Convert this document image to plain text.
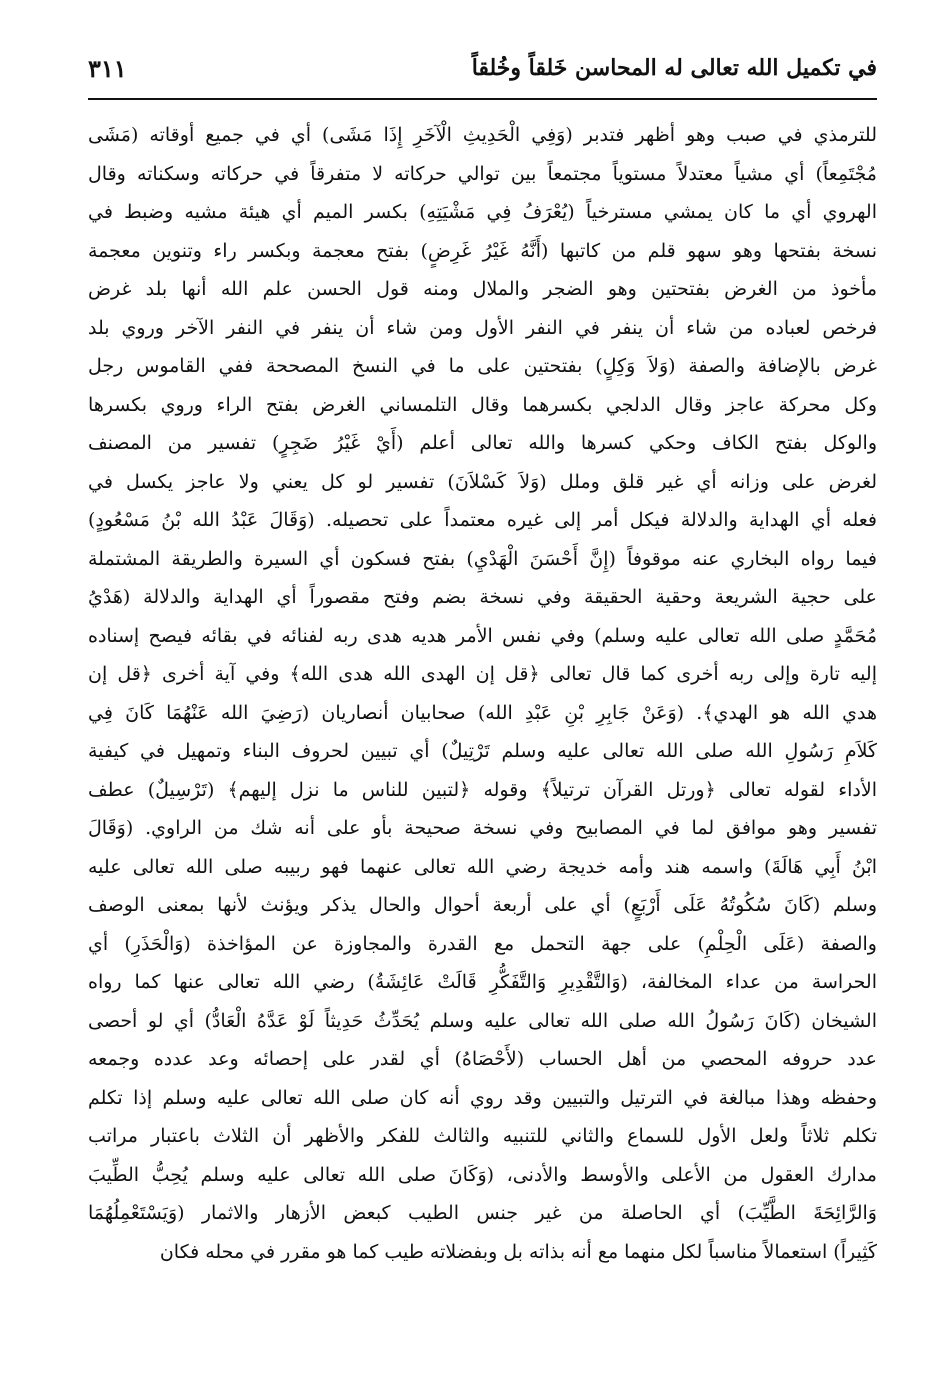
في تكميل الله تعالى له المحاسن خَلقاً وخُلقاً
٣١١
للترمذي في صبب وهو أظهر فتدبر (وَفِي الْحَدِيثِ الْآخَرِ إِذَا مَشَى) أي في جميع أوقاته (مَشَى
مُجْتَمِعاً) أي مشياً معتدلاً مستوياً مجتمعاً بين توالي حركاته لا متفرقاً في حركاته وسكناته وقال
الهروي أي ما كان يمشي مسترخياً (يُعْرَفُ فِي مَشْيَتِهِ) بكسر الميم أي هيئة مشيه وضبط في
نسخة بفتحها وهو سهو قلم من كاتبها (أَنَّهُ غَيْرُ غَرِضٍ) بفتح معجمة وبكسر راء وتنوين معجمة
مأخوذ من الغرض بفتحتين وهو الضجر والملال ومنه قول الحسن علم الله أنها بلد غرض
فرخص لعباده من شاء أن ينفر في النفر الأول ومن شاء أن ينفر في النفر الآخر وروي بلد
غرض بالإضافة والصفة (وَلاَ وَكِلٍ) بفتحتين على ما في النسخ المصححة ففي القاموس رجل
وكل محركة عاجز وقال الدلجي بكسرهما وقال التلمساني الغرض بفتح الراء وروي بكسرها
والوكل بفتح الكاف وحكي كسرها والله تعالى أعلم (أَيْ غَيْرُ ضَجِرٍ) تفسير من المصنف
لغرض على وزانه أي غير قلق وملل (وَلاَ كَسْلاَنَ) تفسير لو كل يعني ولا عاجز يكسل في
فعله أي الهداية والدلالة فيكل أمر إلى غيره معتمداً على تحصيله. (وَقَالَ عَبْدُ الله بْنُ مَسْعُودٍ)
فيما رواه البخاري عنه موقوفاً (إِنَّ أَحْسَنَ الْهَدْيِ) بفتح فسكون أي السيرة والطريقة المشتملة
على حجية الشريعة وحقية الحقيقة وفي نسخة بضم وفتح مقصوراً أي الهداية والدلالة (هَدْيُ
مُحَمَّدٍ صلى الله تعالى عليه وسلم) وفي نفس الأمر هديه هدى ربه لفنائه في بقائه فيصح إسناده
إليه تارة وإلى ربه أخرى كما قال تعالى ﴿قل إن الهدى الله هدى الله﴾ وفي آية أخرى ﴿قل إن
هدي الله هو الهدي﴾. (وَعَنْ جَابِرِ بْنِ عَبْدِ الله) صحابيان أنصاريان (رَضِيَ الله عَنْهُمَا كَانَ فِي
كَلاَمِ رَسُولِ الله صلى الله تعالى عليه وسلم تَرْتِيلٌ) أي تبيين لحروف البناء وتمهيل في كيفية
الأداء لقوله تعالى ﴿ورتل القرآن ترتيلاً﴾ وقوله ﴿لتبين للناس ما نزل إليهم﴾ (تَرْسِيلٌ) عطف
تفسير وهو موافق لما في المصابيح وفي نسخة صحيحة بأو على أنه شك من الراوي. (وَقَالَ
ابْنُ أَبِي هَالَةَ) واسمه هند وأمه خديجة رضي الله تعالى عنهما فهو ربيبه صلى الله تعالى عليه
وسلم (كَانَ سُكُوتُهُ عَلَى أَرْبَعٍ) أي على أربعة أحوال والحال يذكر ويؤنث لأنها بمعنى الوصف
والصفة (عَلَى الْحِلْمِ) على جهة التحمل مع القدرة والمجاوزة عن المؤاخذة (وَالْحَذَرِ) أي
الحراسة من عداء المخالفة، (وَالتَّقْدِيرِ وَالتَّفَكُّرِ قَالَتْ عَائِشَةُ) رضي الله تعالى عنها كما رواه
الشيخان (كَانَ رَسُولُ الله صلى الله تعالى عليه وسلم يُحَدِّثُ حَدِيثاً لَوْ عَدَّهُ الْعَادُّ) أي لو أحصى
عدد حروفه المحصي من أهل الحساب (لأَحْصَاهُ) أي لقدر على إحصائه وعد عدده وجمعه
وحفظه وهذا مبالغة في الترتيل والتبيين وقد روي أنه كان صلى الله تعالى عليه وسلم إذا تكلم
تكلم ثلاثاً ولعل الأول للسماع والثاني للتنبيه والثالث للفكر والأظهر أن الثلاث باعتبار مراتب
مدارك العقول من الأعلى والأوسط والأدنى، (وَكَانَ صلى الله تعالى عليه وسلم يُحِبُّ الطِّيبَ
وَالرَّائِحَةَ الطَّيِّبَ) أي الحاصلة من غير جنس الطيب كبعض الأزهار والاثمار (وَيَسْتَعْمِلُهُمَا
كَثِيراً) استعمالاً مناسباً لكل منهما مع أنه بذاته بل وبفضلاته طيب كما هو مقرر في محله فكان
